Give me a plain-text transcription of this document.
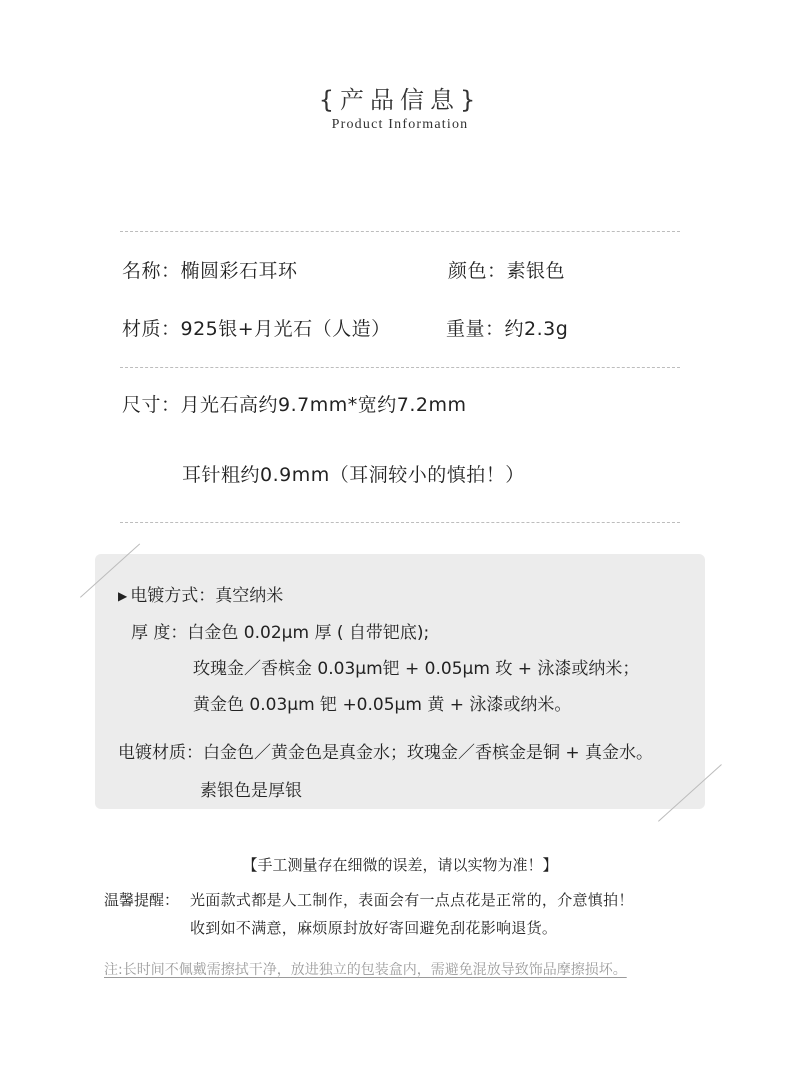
{产品信息}
Product Information
名称：椭圆彩石耳环	颜色：素银色
材质：925银+月光石（人造）	重量：约2.3g
尺寸：月光石高约9.7mm*宽约7.2mm
耳针粗约0.9mm（耳洞较小的慎拍！）
▶ 电镀方式：真空纳米
厚 度：白金色 0.02μm 厚 ( 自带钯底);
玫瑰金／香槟金 0.03μm钯 + 0.05μm 玫 + 泳漆或纳米；
黄金色 0.03μm 钯 +0.05μm 黄 + 泳漆或纳米。
电镀材质：白金色／黄金色是真金水；玫瑰金／香槟金是铜 + 真金水。
素银色是厚银
【手工测量存在细微的误差，请以实物为准！】
温馨提醒： 光面款式都是人工制作，表面会有一点点花是正常的，介意慎拍！
收到如不满意，麻烦原封放好寄回避免刮花影响退货。
注:长时间不佩戴需擦拭干净，放进独立的包装盒内，需避免混放导致饰品摩擦损坏。
